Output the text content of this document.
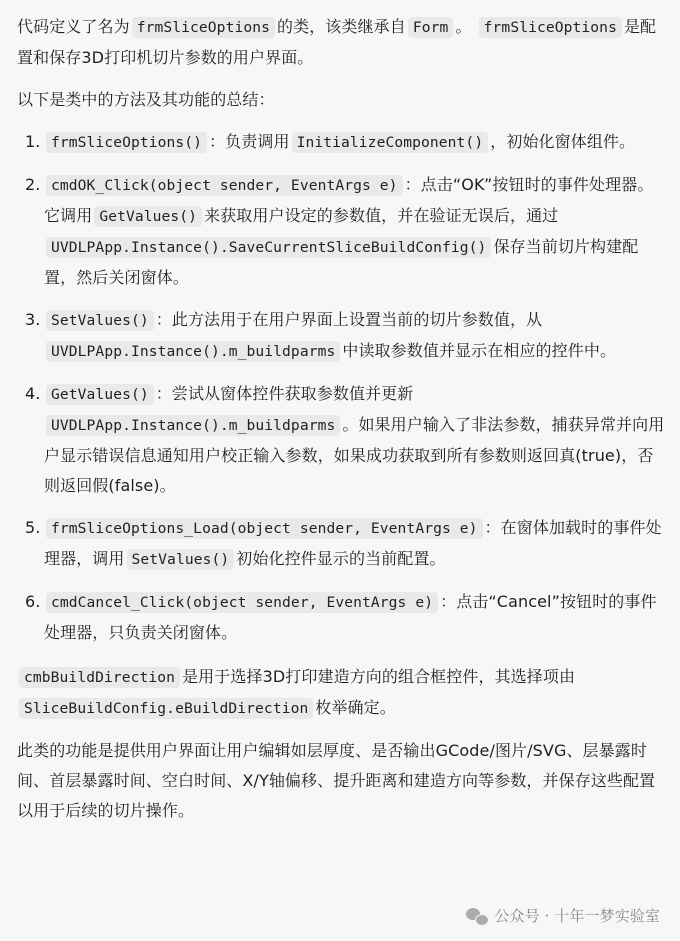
代码定义了名为 frmSliceOptions 的类，该类继承自 Form 。 frmSliceOptions 是配置和保存3D打印机切片参数的用户界面。

以下是类中的方法及其功能的总结：

1. frmSliceOptions() ：负责调用 InitializeComponent() ，初始化窗体组件。
2. cmdOK_Click(object sender, EventArgs e) ：点击“OK”按钮时的事件处理器。它调用 GetValues() 来获取用户设定的参数值，并在验证无误后，通过UVDLPApp.Instance().SaveCurrentSliceBuildConfig() 保存当前切片构建配置，然后关闭窗体。
3. SetValues() ：此方法用于在用户界面上设置当前的切片参数值，从UVDLPApp.Instance().m_buildparms 中读取参数值并显示在相应的控件中。
4. GetValues() ：尝试从窗体控件获取参数值并更新UVDLPApp.Instance().m_buildparms 。如果用户输入了非法参数，捕获异常并向用户显示错误信息通知用户校正输入参数，如果成功获取到所有参数则返回真(true)，否则返回假(false)。
5. frmSliceOptions_Load(object sender, EventArgs e) ：在窗体加载时的事件处理器，调用 SetValues() 初始化控件显示的当前配置。
6. cmdCancel_Click(object sender, EventArgs e) ：点击“Cancel”按钮时的事件处理器，只负责关闭窗体。

cmbBuildDirection 是用于选择3D打印建造方向的组合框控件，其选择项由SliceBuildConfig.eBuildDirection 枚举确定。

此类的功能是提供用户界面让用户编辑如层厚度、是否输出GCode/图片/SVG、层暴露时间、首层暴露时间、空白时间、X/Y轴偏移、提升距离和建造方向等参数，并保存这些配置以用于后续的切片操作。

公众号 · 十年一梦实验室
